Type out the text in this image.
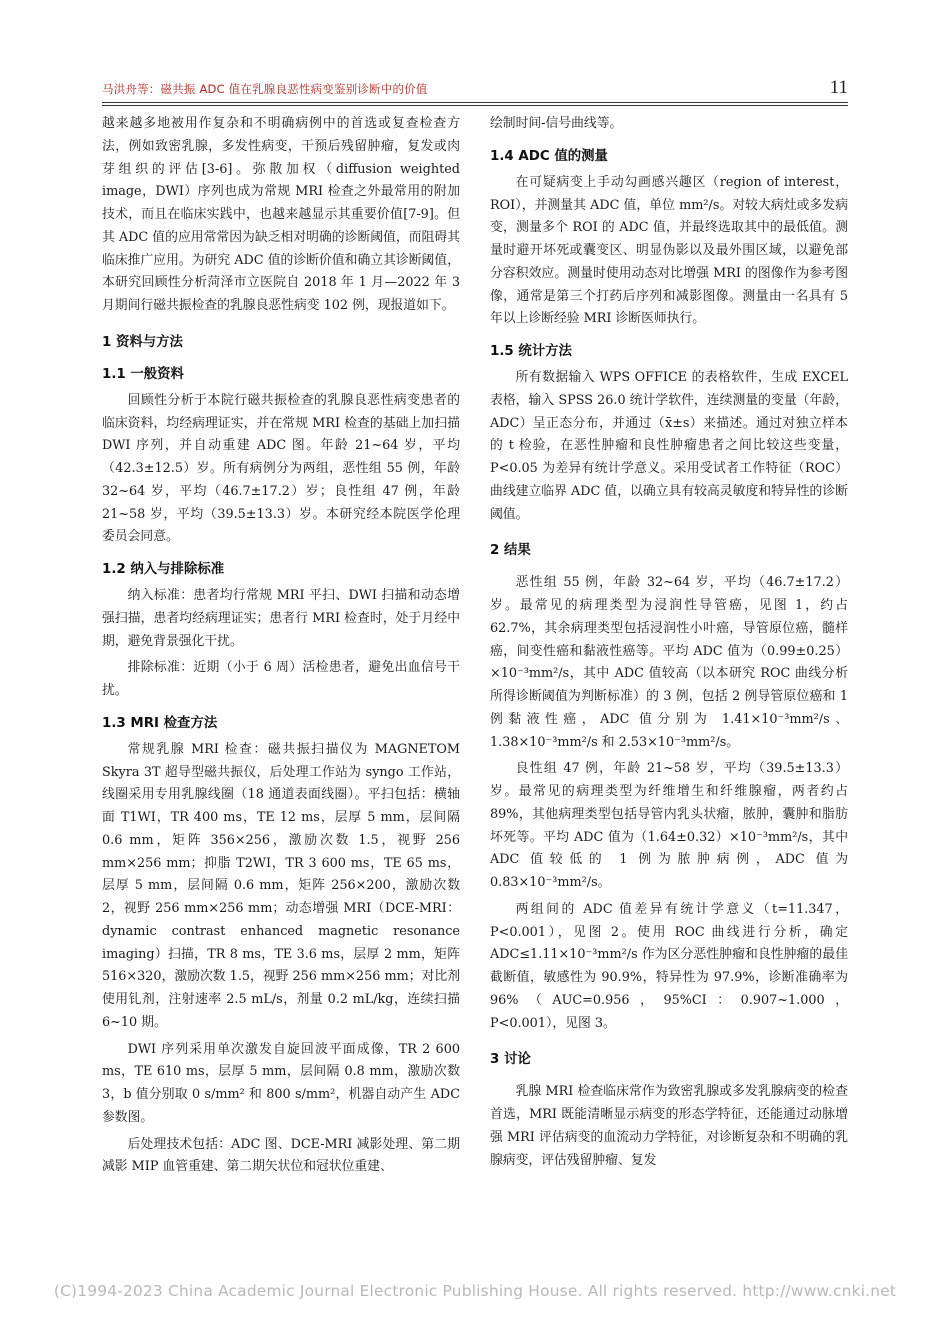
马洪舟等：磁共振 ADC 值在乳腺良恶性病变鉴别诊断中的价值	11

越来越多地被用作复杂和不明确病例中的首选或复查检查方法，例如致密乳腺，多发性病变，干预后残留肿瘤，复发或肉芽组织的评估[3-6]。弥散加权（diffusion weighted image，DWI）序列也成为常规 MRI 检查之外最常用的附加技术，而且在临床实践中，也越来越显示其重要价值[7-9]。但其 ADC 值的应用常常因为缺乏相对明确的诊断阈值，而阻碍其临床推广应用。为研究 ADC 值的诊断价值和确立其诊断阈值，本研究回顾性分析菏泽市立医院自 2018 年 1 月—2022 年 3 月期间行磁共振检查的乳腺良恶性病变 102 例，现报道如下。

1 资料与方法
1.1 一般资料

回顾性分析于本院行磁共振检查的乳腺良恶性病变患者的临床资料，均经病理证实，并在常规 MRI 检查的基础上加扫描 DWI 序列，并自动重建 ADC 图。年龄 21~64 岁，平均（42.3±12.5）岁。所有病例分为两组，恶性组 55 例，年龄 32~64 岁，平均（46.7±17.2）岁；良性组 47 例，年龄 21~58 岁，平均（39.5±13.3）岁。本研究经本院医学伦理委员会同意。

1.2 纳入与排除标准

纳入标准：患者均行常规 MRI 平扫、DWI 扫描和动态增强扫描，患者均经病理证实；患者行 MRI 检查时，处于月经中期，避免背景强化干扰。

排除标准：近期（小于 6 周）活检患者，避免出血信号干扰。

1.3 MRI 检查方法

常规乳腺 MRI 检查：磁共振扫描仪为 MAGNETOM Skyra 3T 超导型磁共振仪，后处理工作站为 syngo 工作站，线圈采用专用乳腺线圈（18 通道表面线圈）。平扫包括：横轴面 T1WI，TR 400 ms，TE 12 ms，层厚 5 mm，层间隔 0.6 mm，矩阵 356×256，激励次数 1.5，视野 256 mm×256 mm；抑脂 T2WI，TR 3 600 ms，TE 65 ms，层厚 5 mm，层间隔 0.6 mm，矩阵 256×200，激励次数 2，视野 256 mm×256 mm；动态增强 MRI（DCE-MRI：dynamic contrast enhanced magnetic resonance imaging）扫描，TR 8 ms，TE 3.6 ms，层厚 2 mm，矩阵 516×320，激励次数 1.5，视野 256 mm×256 mm；对比剂使用钆剂，注射速率 2.5 mL/s，剂量 0.2 mL/kg，连续扫描 6~10 期。

DWI 序列采用单次激发自旋回波平面成像，TR 2 600 ms，TE 610 ms，层厚 5 mm，层间隔 0.8 mm，激励次数 3，b 值分别取 0 s/mm² 和 800 s/mm²，机器自动产生 ADC 参数图。

后处理技术包括：ADC 图、DCE-MRI 减影处理、第二期减影 MIP 血管重建、第二期矢状位和冠状位重建、

绘制时间-信号曲线等。

1.4 ADC 值的测量

在可疑病变上手动勾画感兴趣区（region of interest，ROI），并测量其 ADC 值，单位 mm²/s。对较大病灶或多发病变，测量多个 ROI 的 ADC 值，并最终选取其中的最低值。测量时避开坏死或囊变区、明显伪影以及最外围区域，以避免部分容积效应。测量时使用动态对比增强 MRI 的图像作为参考图像，通常是第三个打药后序列和减影图像。测量由一名具有 5 年以上诊断经验 MRI 诊断医师执行。

1.5 统计方法

所有数据输入 WPS OFFICE 的表格软件，生成 EXCEL 表格，输入 SPSS 26.0 统计学软件，连续测量的变量（年龄，ADC）呈正态分布，并通过（x̄±s）来描述。通过对独立样本的 t 检验，在恶性肿瘤和良性肿瘤患者之间比较这些变量，P<0.05 为差异有统计学意义。采用受试者工作特征（ROC）曲线建立临界 ADC 值，以确立具有较高灵敏度和特异性的诊断阈值。

2 结果

恶性组 55 例，年龄 32~64 岁，平均（46.7±17.2）岁。最常见的病理类型为浸润性导管癌，见图 1，约占 62.7%，其余病理类型包括浸润性小叶癌，导管原位癌，髓样癌，间变性癌和黏液性癌等。平均 ADC 值为（0.99±0.25）×10⁻³mm²/s，其中 ADC 值较高（以本研究 ROC 曲线分析所得诊断阈值为判断标准）的 3 例，包括 2 例导管原位癌和 1 例黏液性癌，ADC 值分别为 1.41×10⁻³mm²/s、1.38×10⁻³mm²/s 和 2.53×10⁻³mm²/s。

良性组 47 例，年龄 21~58 岁，平均（39.5±13.3）岁。最常见的病理类型为纤维增生和纤维腺瘤，两者约占 89%，其他病理类型包括导管内乳头状瘤，脓肿，囊肿和脂肪坏死等。平均 ADC 值为（1.64±0.32）×10⁻³mm²/s，其中 ADC 值较低的 1 例为脓肿病例，ADC 值为 0.83×10⁻³mm²/s。

两组间的 ADC 值差异有统计学意义（t=11.347，P<0.001），见图 2。使用 ROC 曲线进行分析，确定 ADC≤1.11×10⁻³mm²/s 作为区分恶性肿瘤和良性肿瘤的最佳截断值，敏感性为 90.9%，特异性为 97.9%，诊断准确率为 96%（AUC=0.956，95%CI：0.907~1.000，P<0.001），见图 3。

3 讨论

乳腺 MRI 检查临床常作为致密乳腺或多发乳腺病变的检查首选，MRI 既能清晰显示病变的形态学特征，还能通过动脉增强 MRI 评估病变的血流动力学特征，对诊断复杂和不明确的乳腺病变，评估残留肿瘤、复发

(C)1994-2023 China Academic Journal Electronic Publishing House. All rights reserved. http://www.cnki.net
